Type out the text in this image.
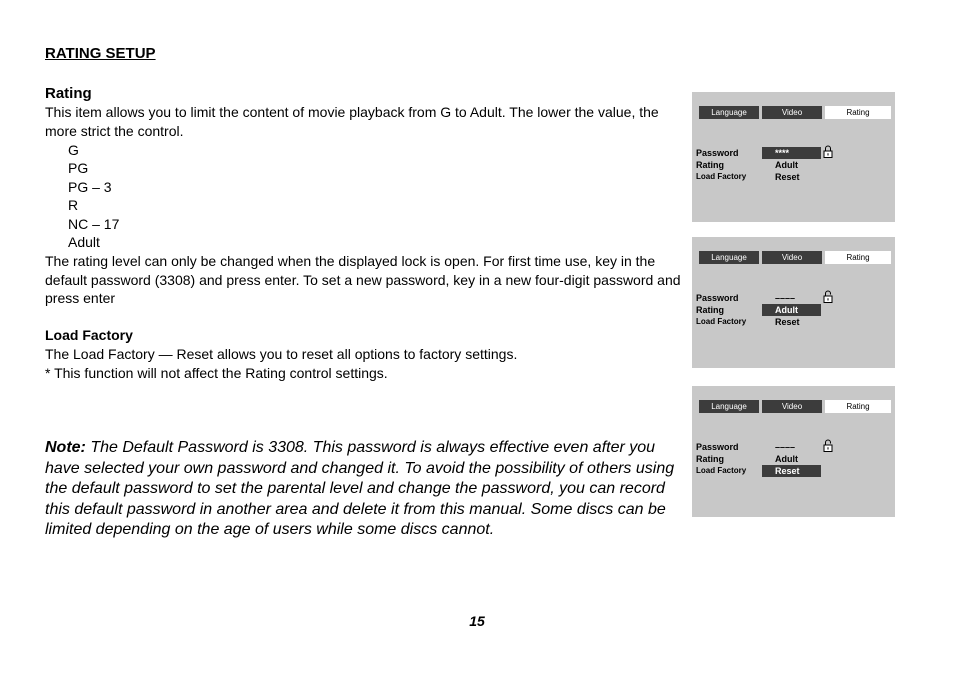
RATING SETUP
Rating
This item allows you to limit the content of movie playback from G to Adult. The lower the value, the more strict the control.
G
PG
PG – 3
R
NC – 17
Adult
The rating level can only be changed when the displayed lock is open. For first time use, key in the default password (3308) and press enter. To set a new password, key in a new four-digit password and press enter
Load Factory
The Load Factory — Reset allows you to reset all options to factory settings.
* This function will not affect the Rating control settings.
Note: The Default Password is 3308. This password is always effective even after you have selected your own password and changed it. To avoid the possibility of others using the default password to set the parental level and change the password, you can record this default password in another area and delete it from this manual. Some discs can be limited depending on the age of users while some discs cannot.
15
Language	Video	Rating
Password	****
Rating	Adult
Load Factory	Reset
Language	Video	Rating
Password	––––
Rating	Adult
Load Factory	Reset
Language	Video	Rating
Password	––––
Rating	Adult
Load Factory	Reset
